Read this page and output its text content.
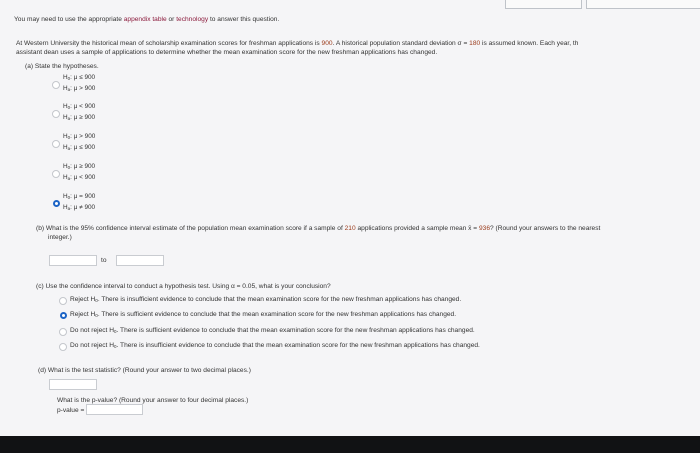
You may need to use the appropriate appendix table or technology to answer this question.
At Western University the historical mean of scholarship examination scores for freshman applications is 900. A historical population standard deviation σ = 180 is assumed known. Each year, th
assistant dean uses a sample of applications to determine whether the mean examination score for the new freshman applications has changed.
(a) State the hypotheses.
$H_0$: μ ≤ 900
$H_a$: μ > 900
$H_0$: μ < 900
$H_a$: μ ≥ 900
$H_0$: μ > 900
$H_a$: μ ≤ 900
$H_0$: μ ≥ 900
$H_a$: μ < 900
$H_0$: μ = 900
$H_a$: μ ≠ 900
(b) What is the 95% confidence interval estimate of the population mean examination score if a sample of 210 applications provided a sample mean x̄ = 936? (Round your answers to the nearest
integer.)
to
(c) Use the confidence interval to conduct a hypothesis test. Using α = 0.05, what is your conclusion?
Reject $H_0$. There is insufficient evidence to conclude that the mean examination score for the new freshman applications has changed.
Reject $H_0$. There is sufficient evidence to conclude that the mean examination score for the new freshman applications has changed.
Do not reject $H_0$. There is sufficient evidence to conclude that the mean examination score for the new freshman applications has changed.
Do not reject $H_0$. There is insufficient evidence to conclude that the mean examination score for the new freshman applications has changed.
(d) What is the test statistic? (Round your answer to two decimal places.)
What is the p-value? (Round your answer to four decimal places.)
p-value =
